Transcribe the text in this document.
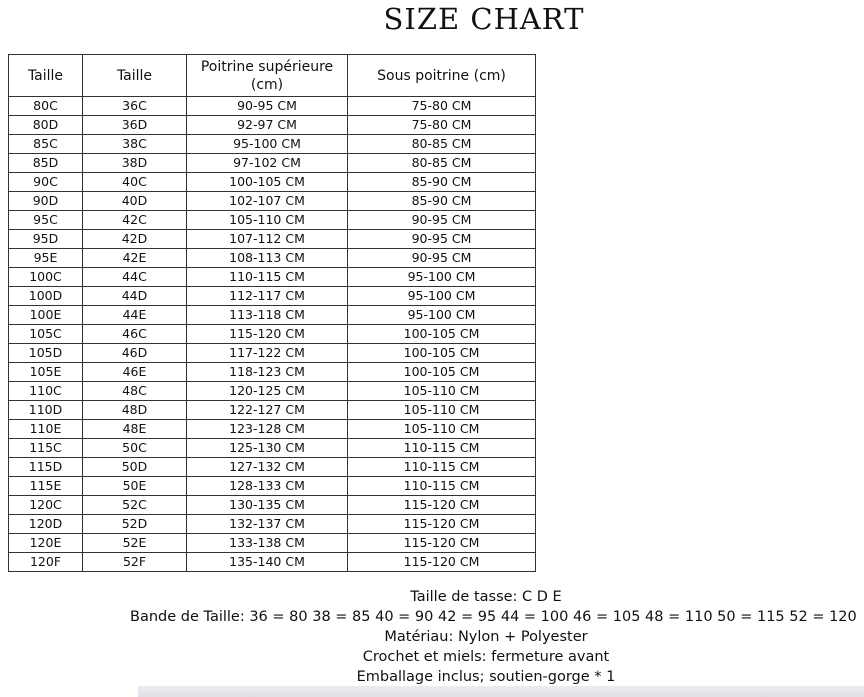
SIZE CHART
Taille	Taille	Poitrine supérieure (cm)	Sous poitrine (cm)
80C	36C	90-95 CM	75-80 CM
80D	36D	92-97 CM	75-80 CM
85C	38C	95-100 CM	80-85 CM
85D	38D	97-102 CM	80-85 CM
90C	40C	100-105 CM	85-90 CM
90D	40D	102-107 CM	85-90 CM
95C	42C	105-110 CM	90-95 CM
95D	42D	107-112 CM	90-95 CM
95E	42E	108-113 CM	90-95 CM
100C	44C	110-115 CM	95-100 CM
100D	44D	112-117 CM	95-100 CM
100E	44E	113-118 CM	95-100 CM
105C	46C	115-120 CM	100-105 CM
105D	46D	117-122 CM	100-105 CM
105E	46E	118-123 CM	100-105 CM
110C	48C	120-125 CM	105-110 CM
110D	48D	122-127 CM	105-110 CM
110E	48E	123-128 CM	105-110 CM
115C	50C	125-130 CM	110-115 CM
115D	50D	127-132 CM	110-115 CM
115E	50E	128-133 CM	110-115 CM
120C	52C	130-135 CM	115-120 CM
120D	52D	132-137 CM	115-120 CM
120E	52E	133-138 CM	115-120 CM
120F	52F	135-140 CM	115-120 CM
Taille de tasse: C D E
Bande de Taille: 36 = 80 38 = 85 40 = 90 42 = 95 44 = 100 46 = 105 48 = 110 50 = 115 52 = 120
Matériau: Nylon + Polyester
Crochet et miels: fermeture avant
Emballage inclus; soutien-gorge * 1
